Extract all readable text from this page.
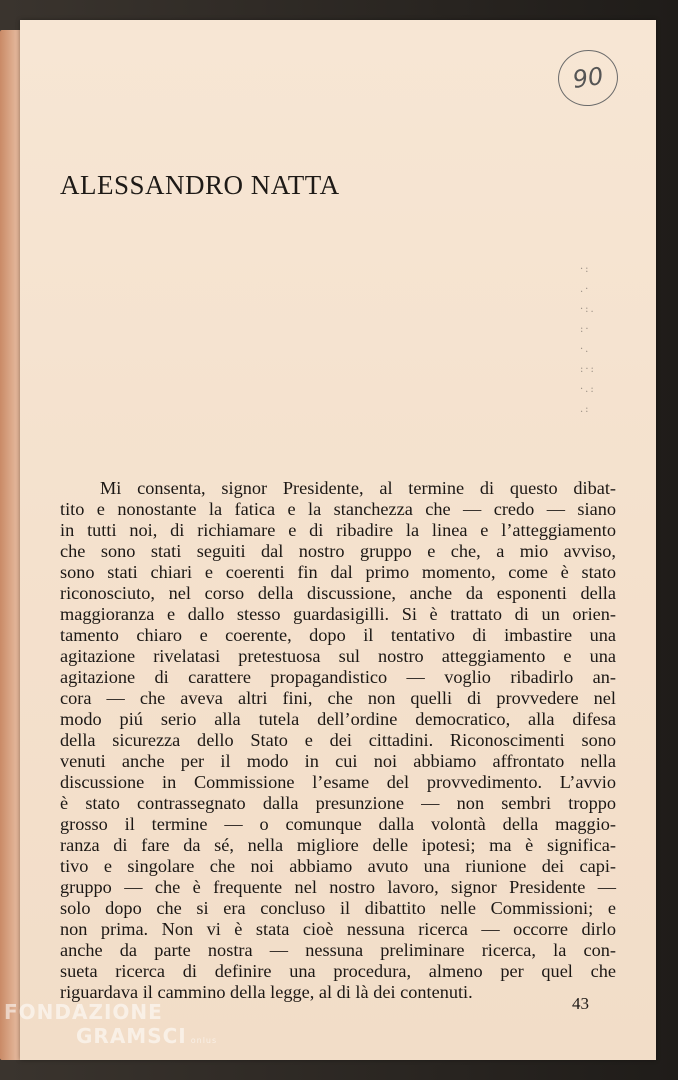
90
ALESSANDRO NATTA
·:
.·
·:.
:·
·.
:·:
·.:
.:
Mi consenta, signor Presidente, al termine di questo dibat-
tito e nonostante la fatica e la stanchezza che — credo — siano
in tutti noi, di richiamare e di ribadire la linea e l’atteggiamento
che sono stati seguiti dal nostro gruppo e che, a mio avviso,
sono stati chiari e coerenti fin dal primo momento, come è stato
riconosciuto, nel corso della discussione, anche da esponenti della
maggioranza e dallo stesso guardasigilli. Si è trattato di un orien-
tamento chiaro e coerente, dopo il tentativo di imbastire una
agitazione rivelatasi pretestuosa sul nostro atteggiamento e una
agitazione di carattere propagandistico — voglio ribadirlo an-
cora — che aveva altri fini, che non quelli di provvedere nel
modo piú serio alla tutela dell’ordine democratico, alla difesa
della sicurezza dello Stato e dei cittadini. Riconoscimenti sono
venuti anche per il modo in cui noi abbiamo affrontato nella
discussione in Commissione l’esame del provvedimento. L’avvio
è stato contrassegnato dalla presunzione — non sembri troppo
grosso il termine — o comunque dalla volontà della maggio-
ranza di fare da sé, nella migliore delle ipotesi; ma è significa-
tivo e singolare che noi abbiamo avuto una riunione dei capi-
gruppo — che è frequente nel nostro lavoro, signor Presidente —
solo dopo che si era concluso il dibattito nelle Commissioni; e
non prima. Non vi è stata cioè nessuna ricerca — occorre dirlo
anche da parte nostra — nessuna preliminare ricerca, la con-
sueta ricerca di definire una procedura, almeno per quel che
riguardava il cammino della legge, al di là dei contenuti.
43
FONDAZIONE
GRAMSCI onlus
